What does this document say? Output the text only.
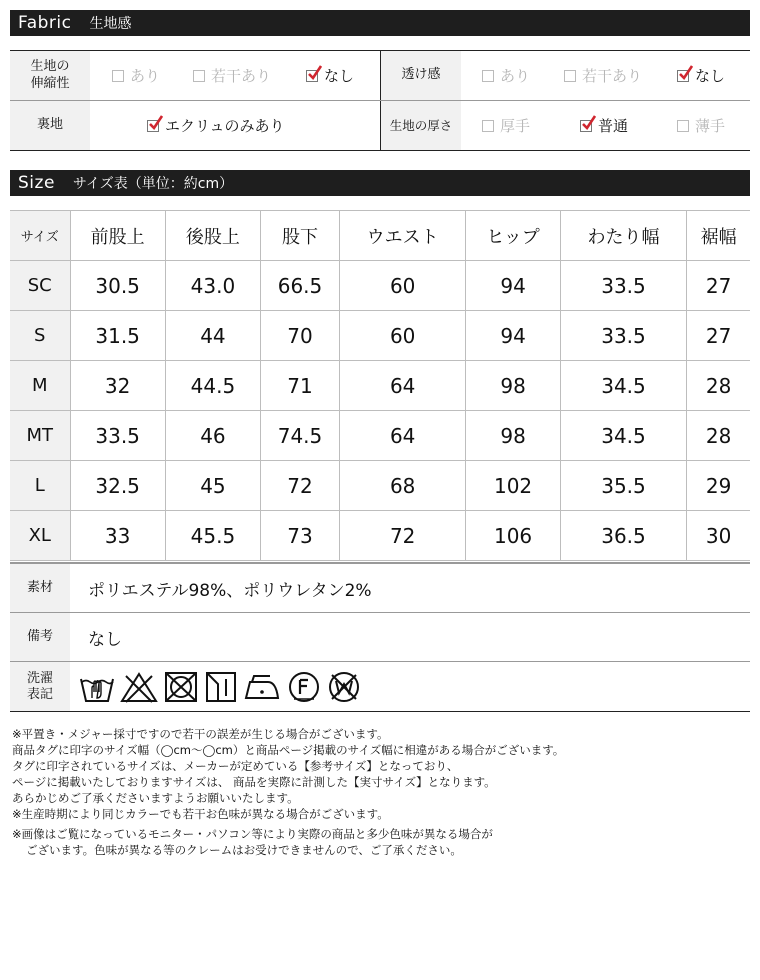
Fabric 生地感
生地の
伸縮性	あり	若干あり	なし	透け感	あり	若干あり	なし
裏地	エクリュのみあり	生地の厚さ	厚手	普通	薄手
Size サイズ表（単位：約cm）
サイズ	前股上	後股上	股下	ウエスト	ヒップ	わたり幅	裾幅
SC	30.5	43.0	66.5	60	94	33.5	27
S	31.5	44	70	60	94	33.5	27
M	32	44.5	71	64	98	34.5	28
MT	33.5	46	74.5	64	98	34.5	28
L	32.5	45	72	68	102	35.5	29
XL	33	45.5	73	72	106	36.5	30
素材	ポリエステル98%、ポリウレタン2%
備考	なし
洗濯
表記

※平置き・メジャー採寸ですので若干の誤差が生じる場合がございます。

商品タグに印字のサイズ幅（◯cm〜◯cm）と商品ページ掲載のサイズ幅に相違がある場合がございます。

タグに印字されているサイズは、メーカーが定めている【参考サイズ】となっており、

ページに掲載いたしておりますサイズは、 商品を実際に計測した【実寸サイズ】となります。

あらかじめご了承くださいますようお願いいたします。

※生産時期により同じカラーでも若干お色味が異なる場合がございます。

※画像はご覧になっているモニター・パソコン等により実際の商品と多少色味が異なる場合が

ございます。色味が異なる等のクレームはお受けできませんので、ご了承ください。
